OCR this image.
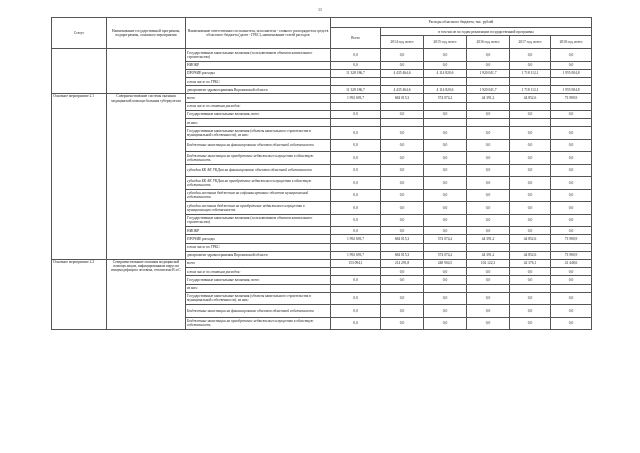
11
Статус	Наименование государственной программы, подпрограммы, основного мероприятия	Наименование ответственного исполнителя, исполнителя - главного распорядителя средств областного бюджета (далее - ГРБС), наименование статей расходов	Расходы областного бюджета, тыс. рублей					
			Всего	в том числе по годам реализации государственной программы				
				2014 год, всего	2015 год, всего	2016 год, всего	2017 год, всего	2018 год, всего
		Государственные капитальные вложения (за исключением объектов капитального строительства)	0,0	0,0	0,0	0,0	0,0	0,0
		НИОКР	0,0	0,0	0,0	0,0	0,0	0,0
		ПРОЧИЕ расходы	11 328 186,7	4 435 464,6	4 114 820,6	1 920 041,7	1 718 112,1	1 955 004,8
		в том числе по ГРБС:						
		департамент здравоохранения Воронежской области	11 328 186,7	4 435 464,6	4 114 820,6	1 920 041,7	1 718 112,1	1 955 004,8
Основное мероприятие 2.1	Совершенствование системы оказания медицинской помощи больным туберкулезом	всего	1 992 693,7	684 015,3	574 074,2	44 391,2	44 852,6	73 980,9
		в том числе по статьям расходов:						
		Государственные капитальные вложения, всего	0,0	0,0	0,0	0,0	0,0	0,0
		из них:						
		Государственные капитальные вложения (объекты капитального строительства в муниципальной собственности), из них:	0,0	0,0	0,0	0,0	0,0	0,0
		Бюджетные инвестиции на финансирование объектов областной собственности	0,0	0,0	0,0	0,0	0,0	0,0
		Бюджетные инвестиции на приобретение недвижимого имущества в областную собственность	0,0	0,0	0,0	0,0	0,0	0,0
		субсидии БК АК УКДим на финансирование объектов областной собственности	0,0	0,0	0,0	0,0	0,0	0,0
		субсидии БК АК УКДим на приобретение недвижимого имущества в областную собственность	0,0	0,0	0,0	0,0	0,0	0,0
		субсидии местным бюджетам на софинансирование объектов муниципальной собственности	0,0	0,0	0,0	0,0	0,0	0,0
		субсидии местным бюджетам на приобретение недвижимого имущества в муниципальную собственность	0,0	0,0	0,0	0,0	0,0	0,0
		Государственные капитальные вложения (за исключением объектов капитального строительства)	0,0	0,0	0,0	0,0	0,0	0,0
		НИОКР	0,0	0,0	0,0	0,0	0,0	0,0
		ПРОЧИЕ расходы	1 992 693,7	684 015,3	574 074,2	44 391,2	44 852,6	73 980,9
		в том числе по ГРБС:						
		департамент здравоохранения Воронежской области	1 992 693,7	684 015,3	574 074,2	44 391,2	44 852,6	73 980,9
Основное мероприятие 2.2	Совершенствование оказания медицинской помощи лицам, инфицированным вирусом иммунодефицита человека, гепатитами В и С	всего	153 094,1	214 291,8	248 904,5	102 122,3	42 376,1	41 448,6
		в том числе по статьям расходов:		0,0	0,0	0,0	0,0	0,0
		Государственные капитальные вложения, всего	0,0	0,0	0,0	0,0	0,0	0,0
		из них:						
		Государственные капитальные вложения (объекты капитального строительства в муниципальной собственности), из них:	0,0	0,0	0,0	0,0	0,0	0,0
		Бюджетные инвестиции на финансирование объектов областной собственности	0,0	0,0	0,0	0,0	0,0	0,0
		Бюджетные инвестиции на приобретение недвижимого имущества в областную собственность	0,0	0,0	0,0	0,0	0,0	0,0
